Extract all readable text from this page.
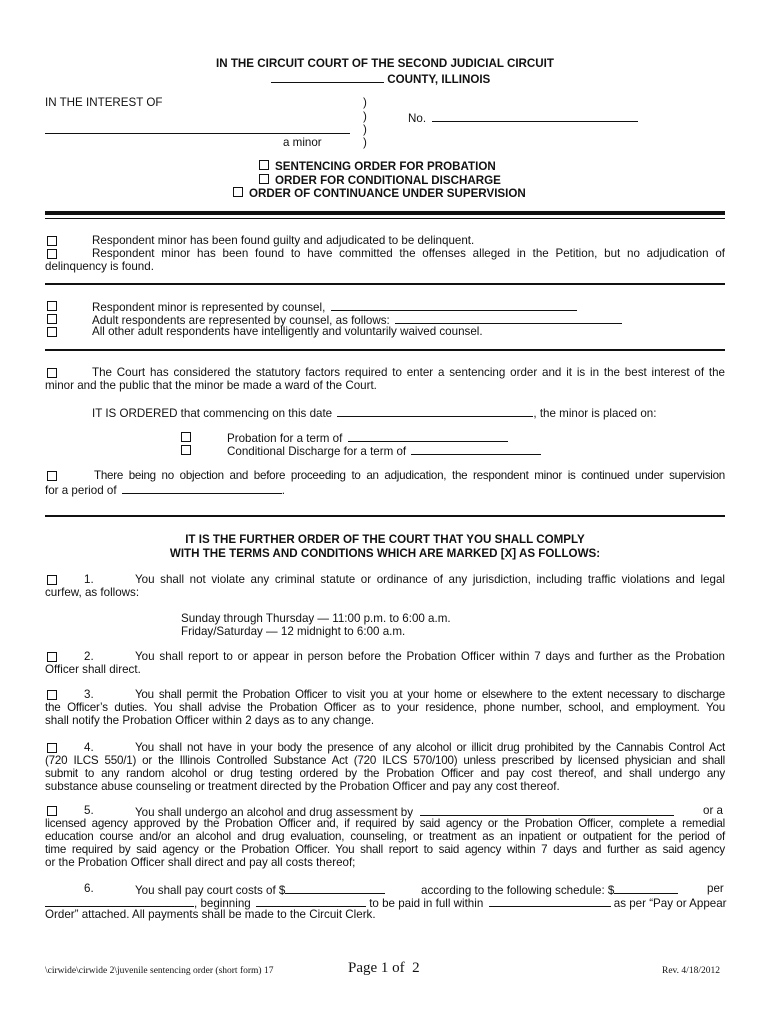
IN THE CIRCUIT COURT OF THE SECOND JUDICIAL CIRCUIT
COUNTY, ILLINOIS
IN THE INTEREST OF	)
)
)
)
No.
a minor
SENTENCING ORDER FOR PROBATION
ORDER FOR CONDITIONAL DISCHARGE
ORDER OF CONTINUANCE UNDER SUPERVISION
Respondent minor has been found guilty and adjudicated to be delinquent.
Respondent minor has been found to have committed the offenses alleged in the Petition, but no adjudication of
delinquency is found.
Respondent minor is represented by counsel,
Adult respondents are represented by counsel, as follows:
All other adult respondents have intelligently and voluntarily waived counsel.
The Court has considered the statutory factors required to enter a sentencing order and it is in the best interest of the
minor and the public that the minor be made a ward of the Court.
IT IS ORDERED that commencing on this date	, the minor is placed on:
Probation for a term of
Conditional Discharge for a term of
There being no objection and before proceeding to an adjudication, the respondent minor is continued under supervision
for a period of	.
IT IS THE FURTHER ORDER OF THE COURT THAT YOU SHALL COMPLY
WITH THE TERMS AND CONDITIONS WHICH ARE MARKED [X] AS FOLLOWS:
1.	You shall not violate any criminal statute or ordinance of any jurisdiction, including traffic violations and legal
curfew, as follows:
Sunday through Thursday — 11:00 p.m. to 6:00 a.m.
Friday/Saturday — 12 midnight to 6:00 a.m.
2.	You shall report to or appear in person before the Probation Officer within 7 days and further as the Probation
Officer shall direct.
3.	You shall permit the Probation Officer to visit you at your home or elsewhere to the extent necessary to discharge
the Officer’s duties. You shall advise the Probation Officer as to your residence, phone number, school, and employment. You
shall notify the Probation Officer within 2 days as to any change.
4.	You shall not have in your body the presence of any alcohol or illicit drug prohibited by the Cannabis Control Act
(720 ILCS 550/1) or the Illinois Controlled Substance Act (720 ILCS 570/100) unless prescribed by licensed physician and shall
submit to any random alcohol or drug testing ordered by the Probation Officer and pay cost thereof, and shall undergo any
substance abuse counseling or treatment directed by the Probation Officer and pay any cost thereof.
5.	You shall undergo an alcohol and drug assessment by	or a
licensed agency approved by the Probation Officer and, if required by said agency or the Probation Officer, complete a remedial
education course and/or an alcohol and drug evaluation, counseling, or treatment as an inpatient or outpatient for the period of
time required by said agency or the Probation Officer. You shall report to said agency within 7 days and further as said agency
or the Probation Officer shall direct and pay all costs thereof;
6.	You shall pay court costs of $	according to the following schedule: $	per
, beginning	to be paid in full within	as per “Pay or Appear
Order” attached. All payments shall be made to the Circuit Clerk.
\cirwide\cirwide 2\juvenile sentencing order (short form) 17	Page 1 of  2	Rev. 4/18/2012
